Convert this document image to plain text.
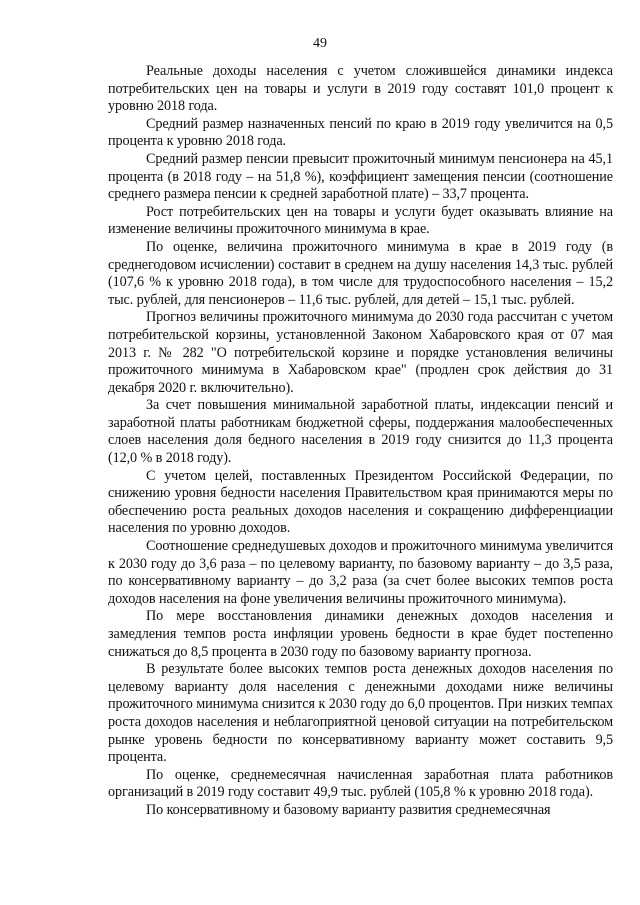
49

Реальные доходы населения с учетом сложившейся динамики индекса потребительских цен на товары и услуги в 2019 году составят 101,0 процент к уровню 2018 года.

Средний размер назначенных пенсий по краю в 2019 году увеличится на 0,5 процента к уровню 2018 года.

Средний размер пенсии превысит прожиточный минимум пенсионера на 45,1 процента (в 2018 году – на 51,8 %), коэффициент замещения пенсии (соотношение среднего размера пенсии к средней заработной плате) – 33,7 процента.

Рост потребительских цен на товары и услуги будет оказывать влияние на изменение величины прожиточного минимума в крае.

По оценке, величина прожиточного минимума в крае в 2019 году (в среднегодовом исчислении) составит в среднем на душу населения 14,3 тыс. рублей (107,6 % к уровню 2018 года), в том числе для трудоспособного населения – 15,2 тыс. рублей, для пенсионеров – 11,6 тыс. рублей, для детей – 15,1 тыс. рублей.

Прогноз величины прожиточного минимума до 2030 года рассчитан с учетом потребительской корзины, установленной Законом Хабаровского края от 07 мая 2013 г. № 282 "О потребительской корзине и порядке установления величины прожиточного минимума в Хабаровском крае" (продлен срок действия до 31 декабря 2020 г. включительно).

За счет повышения минимальной заработной платы, индексации пенсий и заработной платы работникам бюджетной сферы, поддержания малообеспеченных слоев населения доля бедного населения в 2019 году снизится до 11,3 процента (12,0 % в 2018 году).

С учетом целей, поставленных Президентом Российской Федерации, по снижению уровня бедности населения Правительством края принимаются меры по обеспечению роста реальных доходов населения и сокращению дифференциации населения по уровню доходов.

Соотношение среднедушевых доходов и прожиточного минимума увеличится к 2030 году до 3,6 раза – по целевому варианту, по базовому варианту – до 3,5 раза, по консервативному варианту – до 3,2 раза (за счет более высоких темпов роста доходов населения на фоне увеличения величины прожиточного минимума).

По мере восстановления динамики денежных доходов населения и замедления темпов роста инфляции уровень бедности в крае будет постепенно снижаться до 8,5 процента в 2030 году по базовому варианту прогноза.

В результате более высоких темпов роста денежных доходов населения по целевому варианту доля населения с денежными доходами ниже величины прожиточного минимума снизится к 2030 году до 6,0 процентов. При низких темпах роста доходов населения и неблагоприятной ценовой ситуации на потребительском рынке уровень бедности по консервативному варианту может составить 9,5 процента.

По оценке, среднемесячная начисленная заработная плата работников организаций в 2019 году составит 49,9 тыс. рублей (105,8 % к уровню 2018 года).

По консервативному и базовому варианту развития среднемесячная
